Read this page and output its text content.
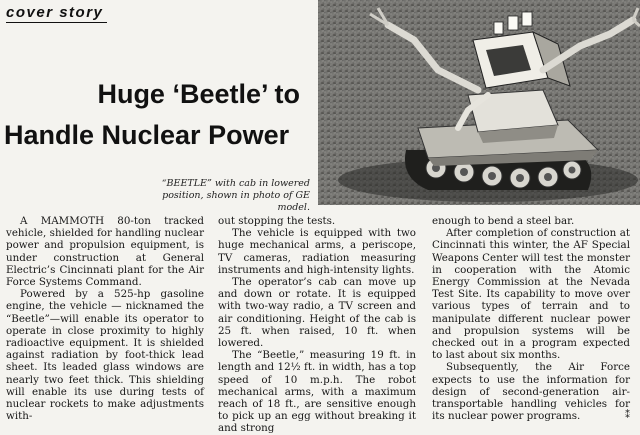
cover story
Huge ‘Beetle’ to
Handle Nuclear Power
“BEETLE” with cab in lowered position, shown in photo of GE model.

A MAMMOTH 80-ton tracked vehicle, shielded for handling nuclear power and propulsion equipment, is under construction at General Electric’s Cincinnati plant for the Air Force Systems Command.

Powered by a 525-hp gasoline engine, the vehicle — nicknamed the “Beetle”—will enable its operator to operate in close proximity to highly radioactive equipment. It is shielded against radiation by foot-thick lead sheet. Its leaded glass windows are nearly two feet thick. This shielding will enable its use during tests of nuclear rockets to make adjustments with-

out stopping the tests.

The vehicle is equipped with two huge mechanical arms, a periscope, TV cameras, radiation measuring instruments and high-intensity lights.

The operator’s cab can move up and down or rotate. It is equipped with two-way radio, a TV screen and air conditioning. Height of the cab is 25 ft. when raised, 10 ft. when lowered.

The “Beetle,” measuring 19 ft. in length and 12½ ft. in width, has a top speed of 10 m.p.h. The robot mechanical arms, with a maximum reach of 18 ft., are sensitive enough to pick up an egg without breaking it and strong

enough to bend a steel bar.

After completion of construction at Cincinnati this winter, the AF Special Weapons Center will test the monster in cooperation with the Atomic Energy Commission at the Nevada Test Site. Its capability to move over various types of terrain and to manipulate different nuclear power and propulsion systems will be checked out in a program expected to last about six months.

Subsequently, the Air Force expects to use the information for design of second-generation air-transportable handling vehicles for its nuclear power programs.	⁑
